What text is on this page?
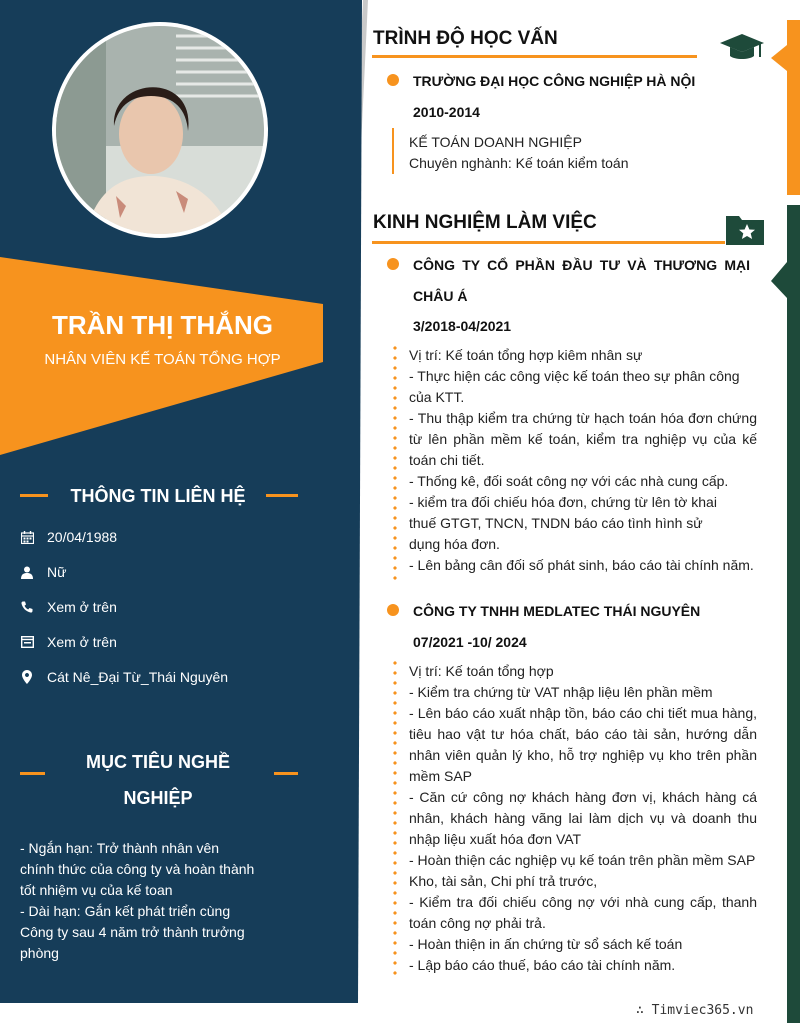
TRẦN THỊ THẮNG
NHÂN VIÊN KẾ TOÁN TỔNG HỢP
THÔNG TIN LIÊN HỆ
20/04/1988
Nữ
Xem ở trên
Xem ở trên
Cát Nê_Đại Từ_Thái Nguyên
MỤC TIÊU NGHỀ
NGHIỆP
- Ngắn hạn: Trở thành nhân vên
chính thức của công ty và hoàn thành
tốt nhiệm vụ của kế toan
- Dài hạn: Gắn kết phát triển cùng
Công ty sau 4 năm trở thành trưởng
phòng
TRÌNH ĐỘ HỌC VẤN
TRƯỜNG ĐẠI HỌC CÔNG NGHIỆP HÀ NỘI
2010-2014
KẾ TOÁN DOANH NGHIỆP
Chuyên nghành: Kế toán kiểm toán
KINH NGHIỆM LÀM VIỆC
CÔNG TY CỔ PHẦN ĐẦU TƯ VÀ THƯƠNG MẠI
CHÂU Á
3/2018-04/2021
Vị trí: Kế toán tổng hợp kiêm nhân sự
- Thực hiện các công việc kế toán theo sự phân công
của KTT.
- Thu thập kiểm tra chứng từ hạch toán hóa đơn chứng
từ lên phần mềm kế toán, kiểm tra nghiệp vụ của kế
toán chi tiết.
- Thống kê, đối soát công nợ với các nhà cung cấp.
- kiểm tra đối chiếu hóa đơn, chứng từ lên tờ khai
thuế GTGT, TNCN, TNDN báo cáo tình hình sử
dụng hóa đơn.
- Lên bảng cân đối số phát sinh, báo cáo tài chính năm.
CÔNG TY TNHH MEDLATEC THÁI NGUYÊN
07/2021 -10/ 2024
Vị trí: Kế toán tổng hợp
- Kiểm tra chứng từ VAT nhập liệu lên phần mềm
- Lên báo cáo xuất nhập tồn, báo cáo chi tiết mua hàng,
tiêu hao vật tư hóa chất, báo cáo tài sản, hướng dẫn
nhân viên quản lý kho, hỗ trợ nghiệp vụ kho trên phần
mềm SAP
- Căn cứ công nợ khách hàng đơn vị, khách hàng cá
nhân, khách hàng vãng lai làm dịch vụ và doanh thu
nhập liệu xuất hóa đơn VAT
- Hoàn thiện các nghiệp vụ kế toán trên phần mềm SAP
Kho, tài sản, Chi phí trả trước,
- Kiểm tra đối chiếu công nợ với nhà cung cấp, thanh
toán công nợ phải trả.
- Hoàn thiện in ấn chứng từ sổ sách kế toán
- Lập báo cáo thuế, báo cáo tài chính năm.
∴ Timviec365.vn
